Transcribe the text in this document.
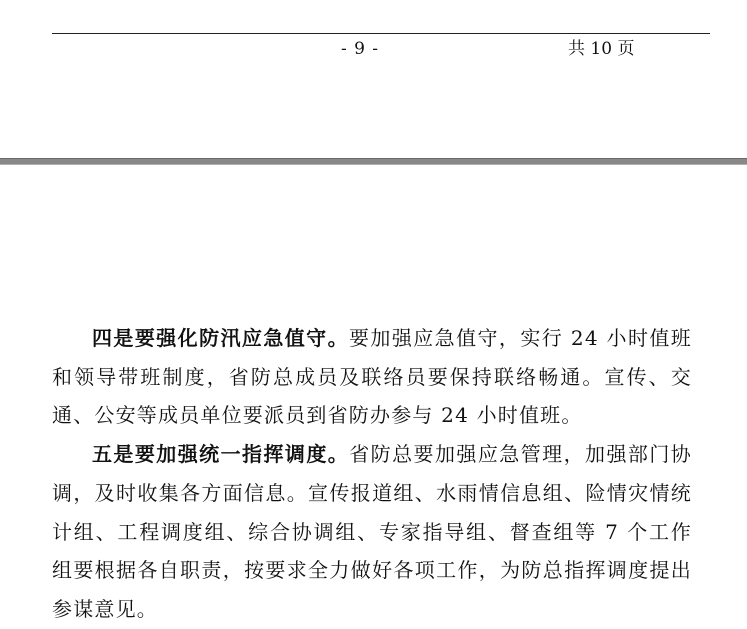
- 9 -	共 10 页

四是要强化防汛应急值守。要加强应急值守，实行 24 小时值班和领导带班制度，省防总成员及联络员要保持联络畅通。宣传、交通、公安等成员单位要派员到省防办参与 24 小时值班。

五是要加强统一指挥调度。省防总要加强应急管理，加强部门协调，及时收集各方面信息。宣传报道组、水雨情信息组、险情灾情统计组、工程调度组、综合协调组、专家指导组、督查组等 7 个工作组要根据各自职责，按要求全力做好各项工作，为防总指挥调度提出参谋意见。
